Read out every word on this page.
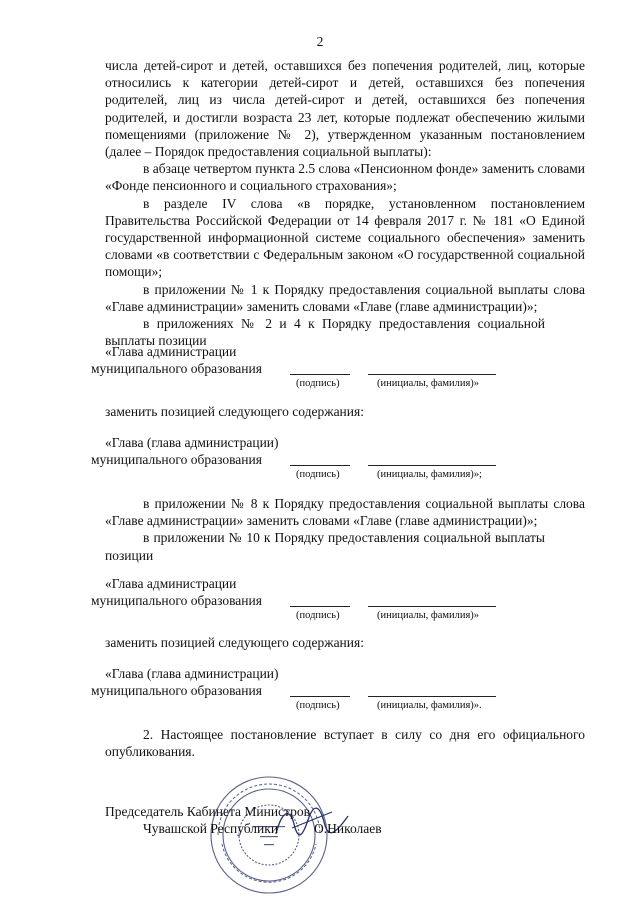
2

числа детей-сирот и детей, оставшихся без попечения родителей, лиц, которые относились к категории детей-сирот и детей, оставшихся без попечения родителей, лиц из числа детей-сирот и детей, оставшихся без попечения родителей, и достигли возраста 23 лет, которые подлежат обеспечению жилыми помещениями (приложение № 2), утвержденном указанным постановлением (далее – Порядок предоставления социальной выплаты):

в абзаце четвертом пункта 2.5 слова «Пенсионном фонде» заменить словами «Фонде пенсионного и социального страхования»;

в разделе IV слова «в порядке, установленном постановлением Правительства Российской Федерации от 14 февраля 2017 г. № 181 «О Единой государственной информационной системе социального обеспечения» заменить словами «в соответствии с Федеральным законом «О государственной социальной помощи»;

в приложении № 1 к Порядку предоставления социальной выплаты слова «Главе администрации» заменить словами «Главе (главе администрации)»;

в приложениях № 2 и 4 к Порядку предоставления социальной выплаты позиции

«Глава администрации
муниципального образования
(подпись)	(инициалы, фамилия)»
заменить позицией следующего содержания:
«Глава (глава администрации)
муниципального образования
(подпись)	(инициалы, фамилия)»;

в приложении № 8 к Порядку предоставления социальной выплаты слова «Главе администрации» заменить словами «Главе (главе администрации)»;

в приложении № 10 к Порядку предоставления социальной выплаты позиции

«Глава администрации
муниципального образования
(подпись)	(инициалы, фамилия)»
заменить позицией следующего содержания:
«Глава (глава администрации)
муниципального образования
(подпись)	(инициалы, фамилия)».

2. Настоящее постановление вступает в силу со дня его официального опубликования.

Председатель Кабинета Министров
Чувашской Республики	О.Николаев
